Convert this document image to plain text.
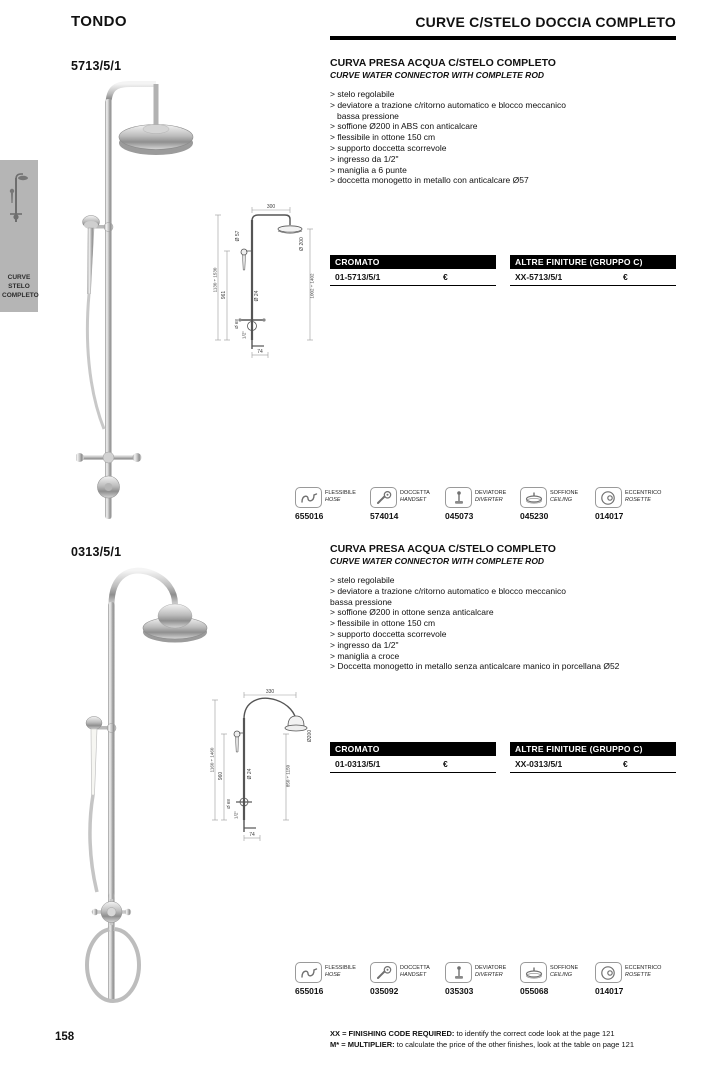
TONDO	CURVE C/STELO DOCCIA COMPLETO
CURVE STELO COMPLETO
5713/5/1
300
74
Ø 57
Ø 200
961
1130 ÷ 1530	1002 ÷ 1402
Ø 24
Ø 68
1/2"
CURVA PRESA ACQUA C/STELO COMPLETO
CURVE WATER CONNECTOR WITH COMPLETE ROD
> stelo regolabile
> deviatore a trazione c/ritorno automatico e blocco meccanico
bassa pressione
> soffione Ø200 in ABS con anticalcare
> flessibile in ottone 150 cm
> supporto doccetta scorrevole
> ingresso da 1/2"
> maniglia a 6 punte
> doccetta monogetto in metallo con anticalcare Ø57
CROMATO
01-5713/5/1	€
ALTRE FINITURE (GRUPPO C)
XX-5713/5/1	€
FLESSIBILE
HOSE
655016
DOCCETTA
HANDSET
574014
DEVIATORE
DIVERTER
045073
SOFFIONE
CEILING
045230
ECCENTRICO
ROSETTE
014017
0313/5/1
330
74
Ø200
1160 ÷ 1460
960	850 ÷ 1150
Ø 24
Ø 68
1/2"
CURVA PRESA ACQUA C/STELO COMPLETO
CURVE WATER CONNECTOR WITH COMPLETE ROD
> stelo regolabile
> deviatore a trazione c/ritorno automatico e blocco meccanico
bassa pressione
> soffione Ø200 in ottone senza anticalcare
> flessibile in ottone 150 cm
> supporto doccetta scorrevole
> ingresso da 1/2"
> maniglia a croce
> Doccetta monogetto in metallo senza anticalcare manico in porcellana Ø52
CROMATO
01-0313/5/1	€
ALTRE FINITURE (GRUPPO C)
XX-0313/5/1	€
FLESSIBILE
HOSE
655016
DOCCETTA
HANDSET
035092
DEVIATORE
DIVERTER
035303
SOFFIONE
CEILING
055068
ECCENTRICO
ROSETTE
014017
158	XX = FINISHING CODE REQUIRED: to identify the correct code look at the page 121
M* = MULTIPLIER: to calculate the price of the other finishes, look at the table on page 121
